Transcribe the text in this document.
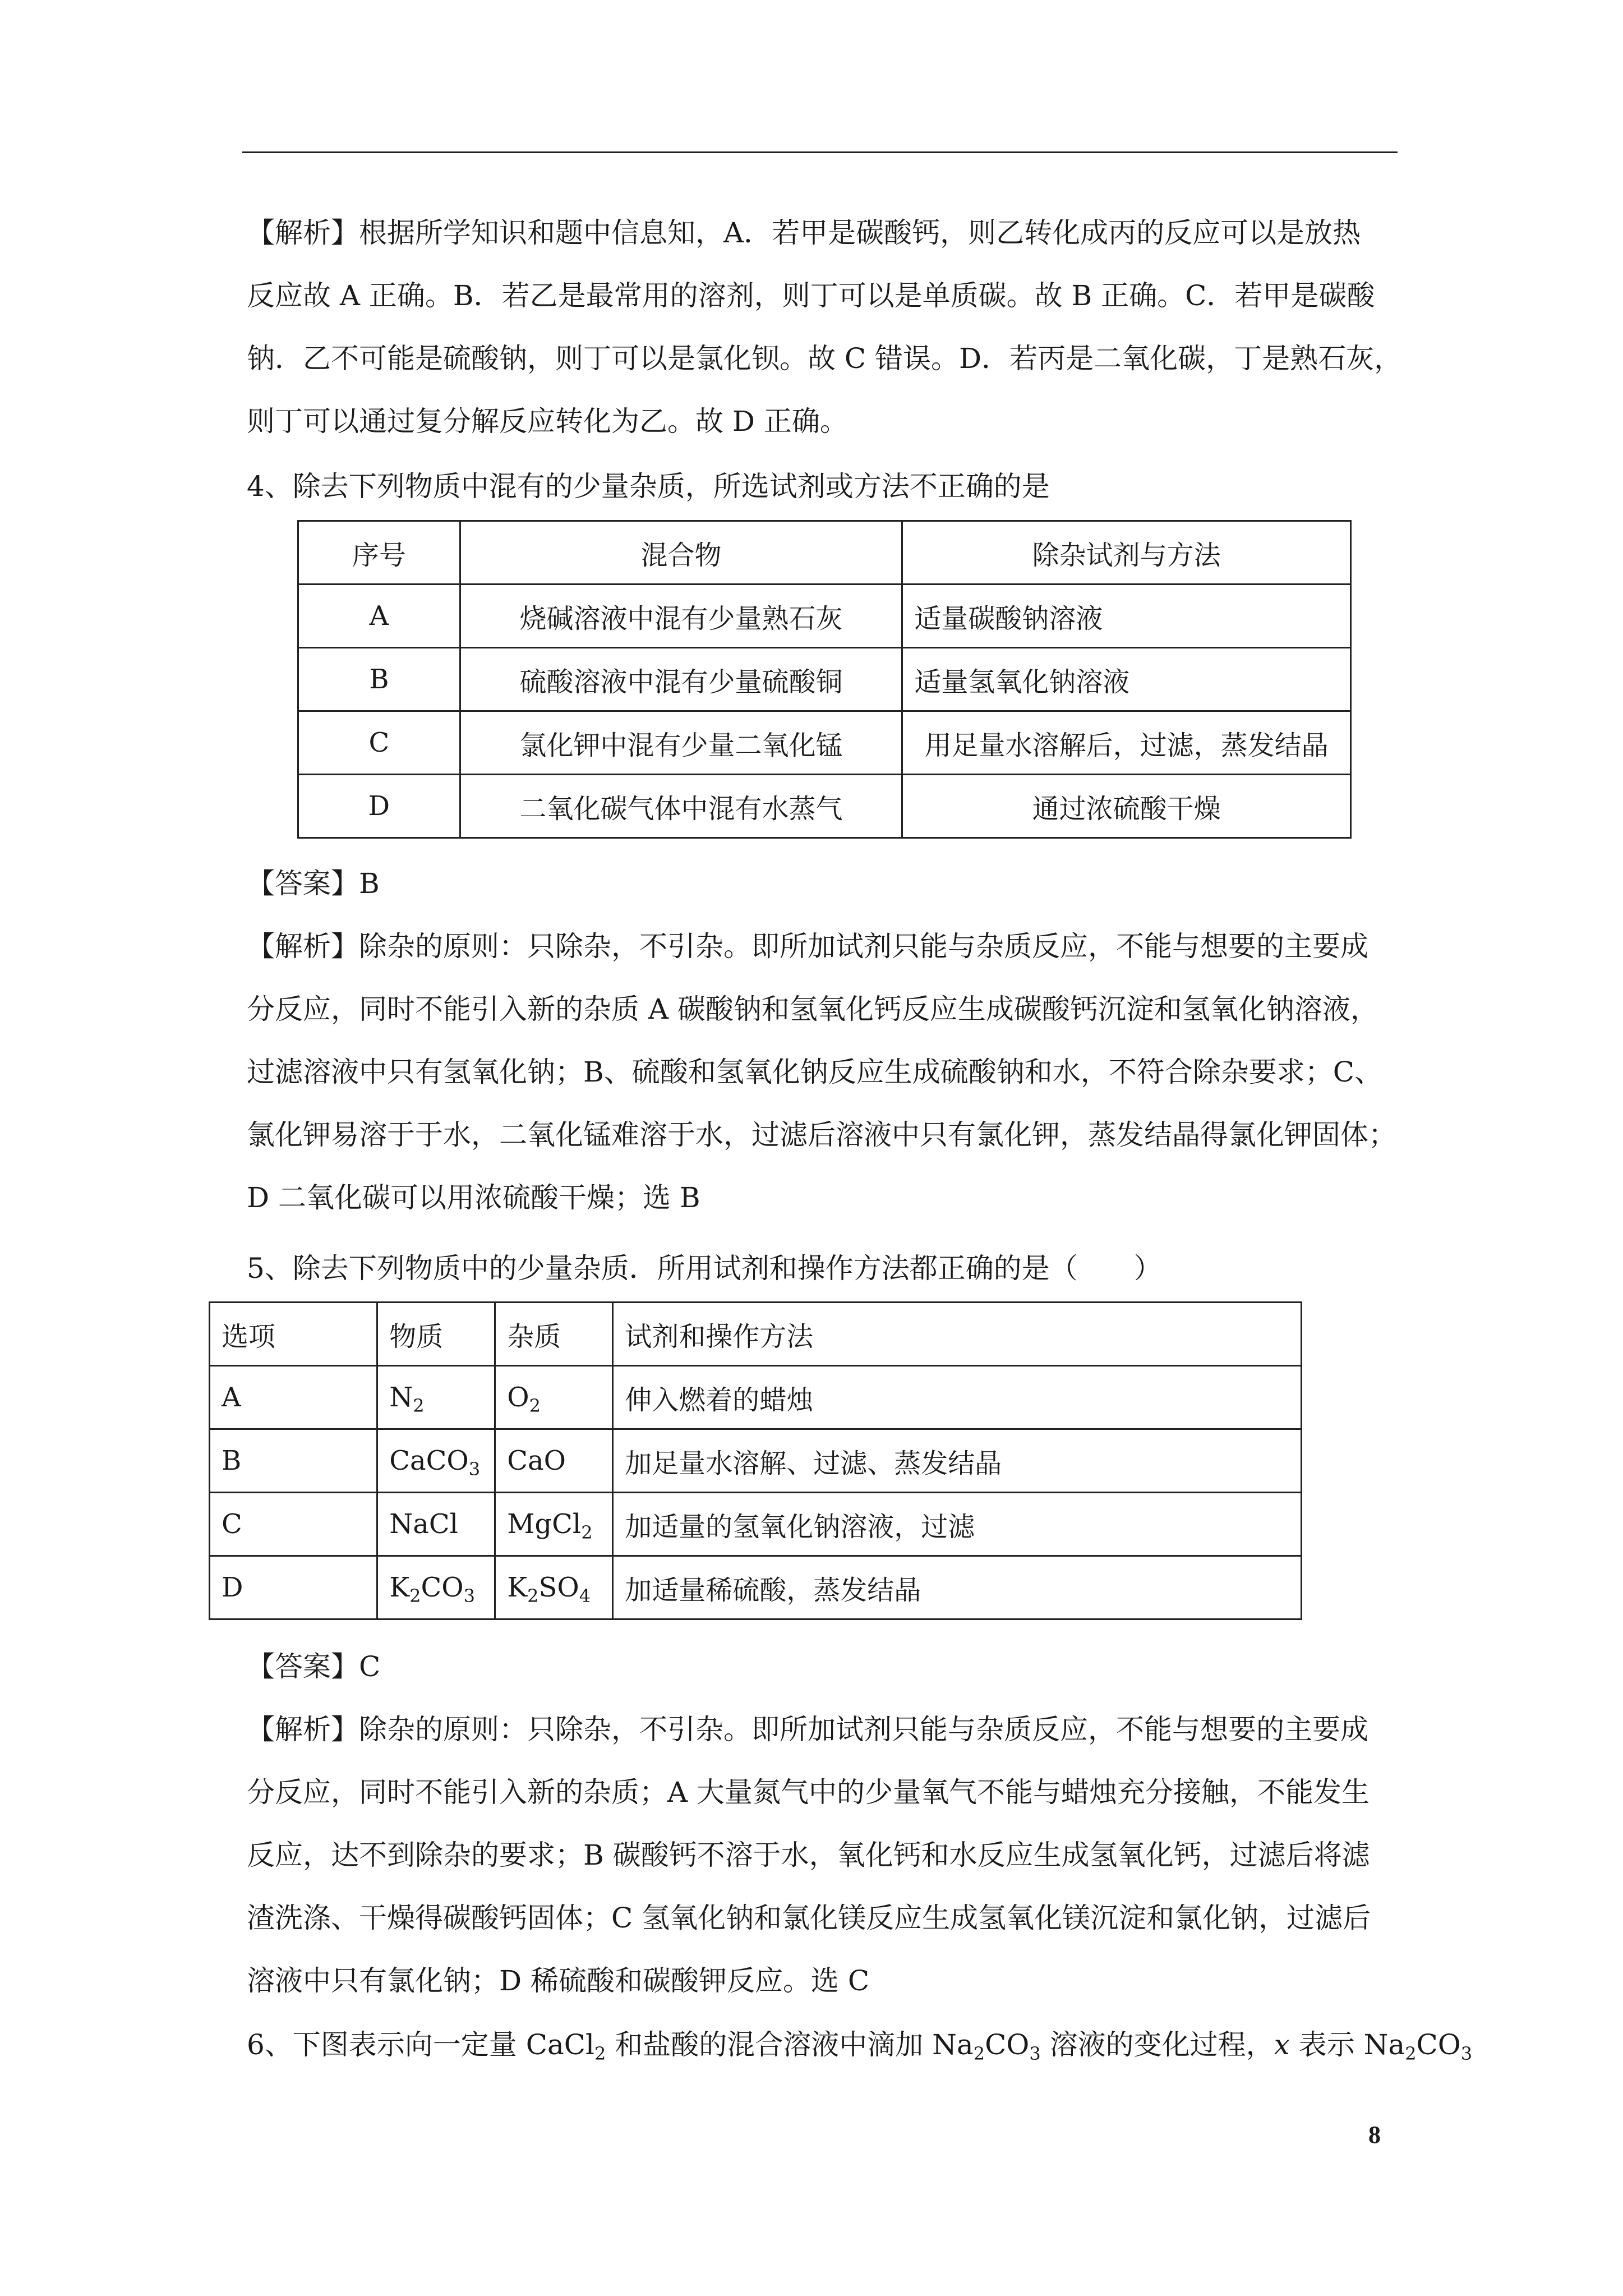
【解析】根据所学知识和题中信息知，A．若甲是碳酸钙，则乙转化成丙的反应可以是放热
反应故 A 正确。B．若乙是最常用的溶剂，则丁可以是单质碳。故 B 正确。C．若甲是碳酸
钠．乙不可能是硫酸钠，则丁可以是氯化钡。故 C 错误。D．若丙是二氧化碳，丁是熟石灰，
则丁可以通过复分解反应转化为乙。故 D 正确。
4、除去下列物质中混有的少量杂质，所选试剂或方法不正确的是
序号	混合物	除杂试剂与方法
A	烧碱溶液中混有少量熟石灰	适量碳酸钠溶液
B	硫酸溶液中混有少量硫酸铜	适量氢氧化钠溶液
C	氯化钾中混有少量二氧化锰	用足量水溶解后，过滤，蒸发结晶
D	二氧化碳气体中混有水蒸气	通过浓硫酸干燥
【答案】B
【解析】除杂的原则：只除杂，不引杂。即所加试剂只能与杂质反应，不能与想要的主要成
分反应，同时不能引入新的杂质 A 碳酸钠和氢氧化钙反应生成碳酸钙沉淀和氢氧化钠溶液，
过滤溶液中只有氢氧化钠；B、硫酸和氢氧化钠反应生成硫酸钠和水，不符合除杂要求；C、
氯化钾易溶于于水，二氧化锰难溶于水，过滤后溶液中只有氯化钾，蒸发结晶得氯化钾固体；
D 二氧化碳可以用浓硫酸干燥；选 B
5、除去下列物质中的少量杂质．所用试剂和操作方法都正确的是（　　）
选项	物质	杂质	试剂和操作方法
A	$N_2$	$O_2$	伸入燃着的蜡烛
B	CaCO$_3$	CaO	加足量水溶解、过滤、蒸发结晶
C	NaCl	MgCl$_2$	加适量的氢氧化钠溶液，过滤
D	$K_2CO_3$	$K_2SO_4$	加适量稀硫酸，蒸发结晶
【答案】C
【解析】除杂的原则：只除杂，不引杂。即所加试剂只能与杂质反应，不能与想要的主要成
分反应，同时不能引入新的杂质；A 大量氮气中的少量氧气不能与蜡烛充分接触，不能发生
反应，达不到除杂的要求；B 碳酸钙不溶于水，氧化钙和水反应生成氢氧化钙，过滤后将滤
渣洗涤、干燥得碳酸钙固体；C 氢氧化钠和氯化镁反应生成氢氧化镁沉淀和氯化钠，过滤后
溶液中只有氯化钠；D 稀硫酸和碳酸钾反应。选 C
6、下图表示向一定量 CaCl$_2$ 和盐酸的混合溶液中滴加 $Na_2CO_3$ 溶液的变化过程，x 表示 $Na_2CO_3$
8
